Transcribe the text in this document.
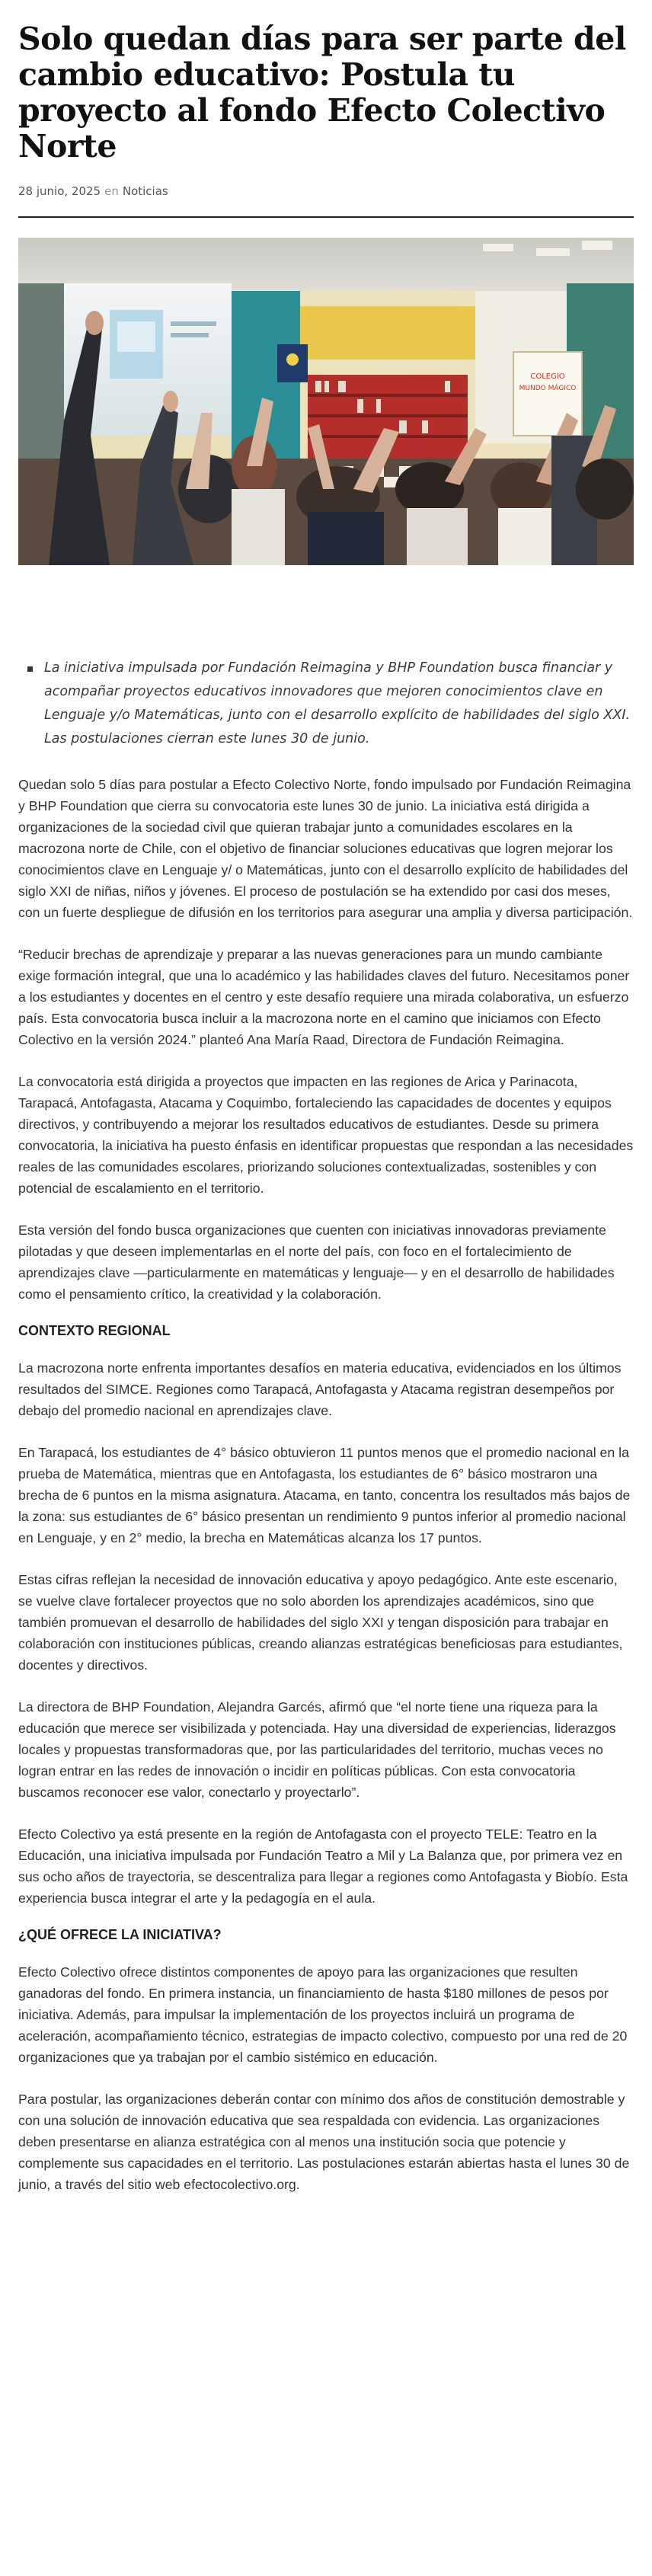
Solo quedan días para ser parte del cambio educativo: Postula tu proyecto al fondo Efecto Colectivo Norte
28 junio, 2025 en Noticias
COLEGIO
MUNDO MÁGICO
La iniciativa impulsada por Fundación Reimagina y BHP Foundation busca financiar y acompañar proyectos educativos innovadores que mejoren conocimientos clave en Lenguaje y/o Matemáticas, junto con el desarrollo explícito de habilidades del siglo XXI. Las postulaciones cierran este lunes 30 de junio.

Quedan solo 5 días para postular a Efecto Colectivo Norte, fondo impulsado por Fundación Reimagina y BHP Foundation que cierra su convocatoria este lunes 30 de junio. La iniciativa está dirigida a organizaciones de la sociedad civil que quieran trabajar junto a comunidades escolares en la macrozona norte de Chile, con el objetivo de financiar soluciones educativas que logren mejorar los conocimientos clave en Lenguaje y/ o Matemáticas, junto con el desarrollo explícito de habilidades del siglo XXI de niñas, niños y jóvenes. El proceso de postulación se ha extendido por casi dos meses, con un fuerte despliegue de difusión en los territorios para asegurar una amplia y diversa participación.

“Reducir brechas de aprendizaje y preparar a las nuevas generaciones para un mundo cambiante exige formación integral, que una lo académico y las habilidades claves del futuro. Necesitamos poner a los estudiantes y docentes en el centro y este desafío requiere una mirada colaborativa, un esfuerzo país. Esta convocatoria busca incluir a la macrozona norte en el camino que iniciamos con Efecto Colectivo en la versión 2024.” planteó Ana María Raad, Directora de Fundación Reimagina.

La convocatoria está dirigida a proyectos que impacten en las regiones de Arica y Parinacota, Tarapacá, Antofagasta, Atacama y Coquimbo, fortaleciendo las capacidades de docentes y equipos directivos, y contribuyendo a mejorar los resultados educativos de estudiantes. Desde su primera convocatoria, la iniciativa ha puesto énfasis en identificar propuestas que respondan a las necesidades reales de las comunidades escolares, priorizando soluciones contextualizadas, sostenibles y con potencial de escalamiento en el territorio.

Esta versión del fondo busca organizaciones que cuenten con iniciativas innovadoras previamente pilotadas y que deseen implementarlas en el norte del país, con foco en el fortalecimiento de aprendizajes clave —particularmente en matemáticas y lenguaje— y en el desarrollo de habilidades como el pensamiento crítico, la creatividad y la colaboración.

CONTEXTO REGIONAL

La macrozona norte enfrenta importantes desafíos en materia educativa, evidenciados en los últimos resultados del SIMCE. Regiones como Tarapacá, Antofagasta y Atacama registran desempeños por debajo del promedio nacional en aprendizajes clave.

En Tarapacá, los estudiantes de 4° básico obtuvieron 11 puntos menos que el promedio nacional en la prueba de Matemática, mientras que en Antofagasta, los estudiantes de 6° básico mostraron una brecha de 6 puntos en la misma asignatura. Atacama, en tanto, concentra los resultados más bajos de la zona: sus estudiantes de 6° básico presentan un rendimiento 9 puntos inferior al promedio nacional en Lenguaje, y en 2° medio, la brecha en Matemáticas alcanza los 17 puntos.

Estas cifras reflejan la necesidad de innovación educativa y apoyo pedagógico. Ante este escenario, se vuelve clave fortalecer proyectos que no solo aborden los aprendizajes académicos, sino que también promuevan el desarrollo de habilidades del siglo XXI y tengan disposición para trabajar en colaboración con instituciones públicas, creando alianzas estratégicas beneficiosas para estudiantes, docentes y directivos.

La directora de BHP Foundation, Alejandra Garcés, afirmó que “el norte tiene una riqueza para la educación que merece ser visibilizada y potenciada. Hay una diversidad de experiencias, liderazgos locales y propuestas transformadoras que, por las particularidades del territorio, muchas veces no logran entrar en las redes de innovación o incidir en políticas públicas. Con esta convocatoria buscamos reconocer ese valor, conectarlo y proyectarlo”.

Efecto Colectivo ya está presente en la región de Antofagasta con el proyecto TELE: Teatro en la Educación, una iniciativa impulsada por Fundación Teatro a Mil y La Balanza que, por primera vez en sus ocho años de trayectoria, se descentraliza para llegar a regiones como Antofagasta y Biobío. Esta experiencia busca integrar el arte y la pedagogía en el aula.

¿QUÉ OFRECE LA INICIATIVA?

Efecto Colectivo ofrece distintos componentes de apoyo para las organizaciones que resulten ganadoras del fondo. En primera instancia, un financiamiento de hasta $180 millones de pesos por iniciativa. Además, para impulsar la implementación de los proyectos incluirá un programa de aceleración, acompañamiento técnico, estrategias de impacto colectivo, compuesto por una red de 20 organizaciones que ya trabajan por el cambio sistémico en educación.

Para postular, las organizaciones deberán contar con mínimo dos años de constitución demostrable y con una solución de innovación educativa que sea respaldada con evidencia. Las organizaciones deben presentarse en alianza estratégica con al menos una institución socia que potencie y complemente sus capacidades en el territorio. Las postulaciones estarán abiertas hasta el lunes 30 de junio, a través del sitio web efectocolectivo.org.
